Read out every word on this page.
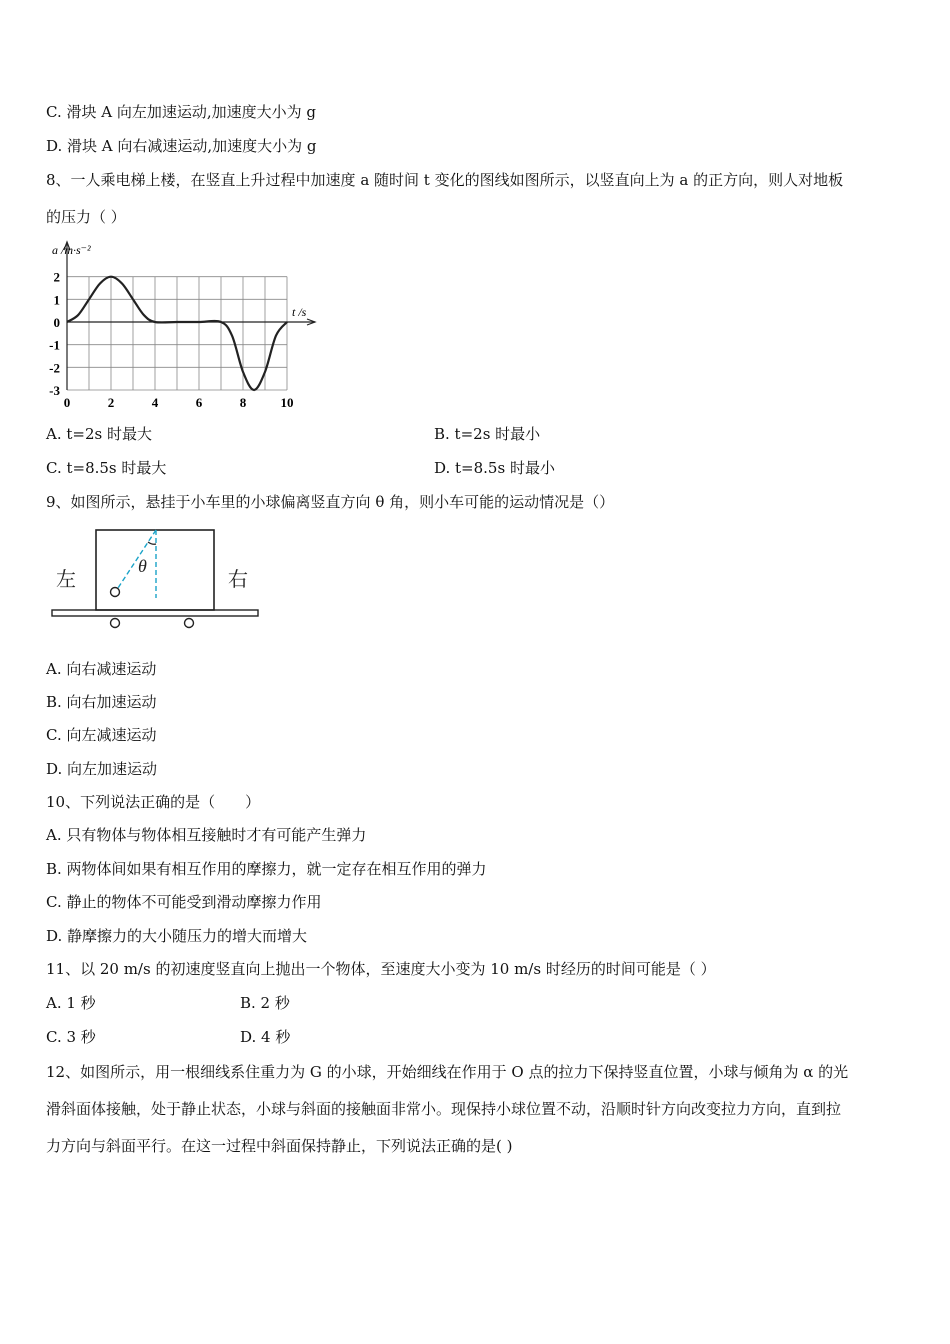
C. 滑块 A 向左加速运动,加速度大小为 g
D. 滑块 A 向右减速运动,加速度大小为 g
8、一人乘电梯上楼，在竖直上升过程中加速度 a 随时间 t 变化的图线如图所示，以竖直向上为 a 的正方向，则人对地板
的压力（ ）
a /m·s⁻²
t /s
0	2	4	6	8	10
2
1
0
-1
-2
-3
A. t=2s 时最大	B. t=2s 时最小
C. t=8.5s 时最大	D. t=8.5s 时最小
9、如图所示，悬挂于小车里的小球偏离竖直方向 θ 角，则小车可能的运动情况是（）
θ
左	右
A. 向右减速运动
B. 向右加速运动
C. 向左减速运动
D. 向左加速运动
10、下列说法正确的是（　　）
A. 只有物体与物体相互接触时才有可能产生弹力
B. 两物体间如果有相互作用的摩擦力，就一定存在相互作用的弹力
C. 静止的物体不可能受到滑动摩擦力作用
D. 静摩擦力的大小随压力的增大而增大
11、以 20 m/s 的初速度竖直向上抛出一个物体，至速度大小变为 10 m/s 时经历的时间可能是（ ）
A. 1 秒	B. 2 秒
C. 3 秒	D. 4 秒
12、如图所示，用一根细线系住重力为 G 的小球，开始细线在作用于 O 点的拉力下保持竖直位置，小球与倾角为 α 的光
滑斜面体接触，处于静止状态，小球与斜面的接触面非常小。现保持小球位置不动，沿顺时针方向改变拉力方向，直到拉
力方向与斜面平行。在这一过程中斜面保持静止，下列说法正确的是( )
